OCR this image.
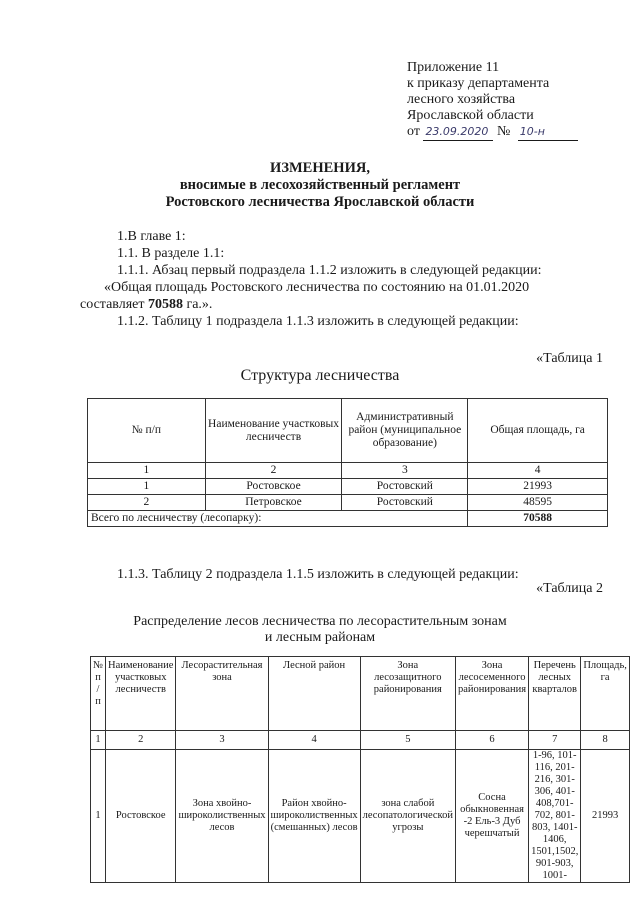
Приложение 11
к приказу департамента
лесного хозяйства
Ярославской области
от 23.09.2020 № 10-н
ИЗМЕНЕНИЯ,
вносимые в лесохозяйственный регламент
Ростовского лесничества Ярославской области
1.В главе 1:
1.1. В разделе 1.1:
1.1.1. Абзац первый подраздела 1.1.2 изложить в следующей редакции:
«Общая площадь Ростовского лесничества по состоянию на 01.01.2020
составляет 70588 га.».
1.1.2. Таблицу 1 подраздела 1.1.3 изложить в следующей редакции:
«Таблица 1
Структура лесничества
№ п/п	Наименование участковых лесничеств	Административный район (муниципальное образование)	Общая площадь, га
1	2	3	4
1	Ростовское	Ростовский	21993
2	Петровское	Ростовский	48595
Всего по лесничеству (лесопарку):			70588
1.1.3. Таблицу 2 подраздела 1.1.5 изложить в следующей редакции:
«Таблица 2
Распределение лесов лесничества по лесорастительным зонам
и лесным районам
№ п / п	Наименование участковых лесничеств	Лесорастительная зона	Лесной район	Зона лесозащитного районирования	Зона лесосеменного районирования	Перечень лесных кварталов	Площадь, га
1	2	3	4	5	6	7	8
1	Ростовское	Зона хвойно-широколиственных лесов	Район хвойно-широколиственных (смешанных) лесов	зона слабой лесопатологической угрозы	Сосна обыкновенная -2 Ель-3 Дуб черешчатый	1-96, 101-116, 201-216, 301-306, 401-408,701-702, 801-803, 1401-1406, 1501,1502, 901-903, 1001-	21993
